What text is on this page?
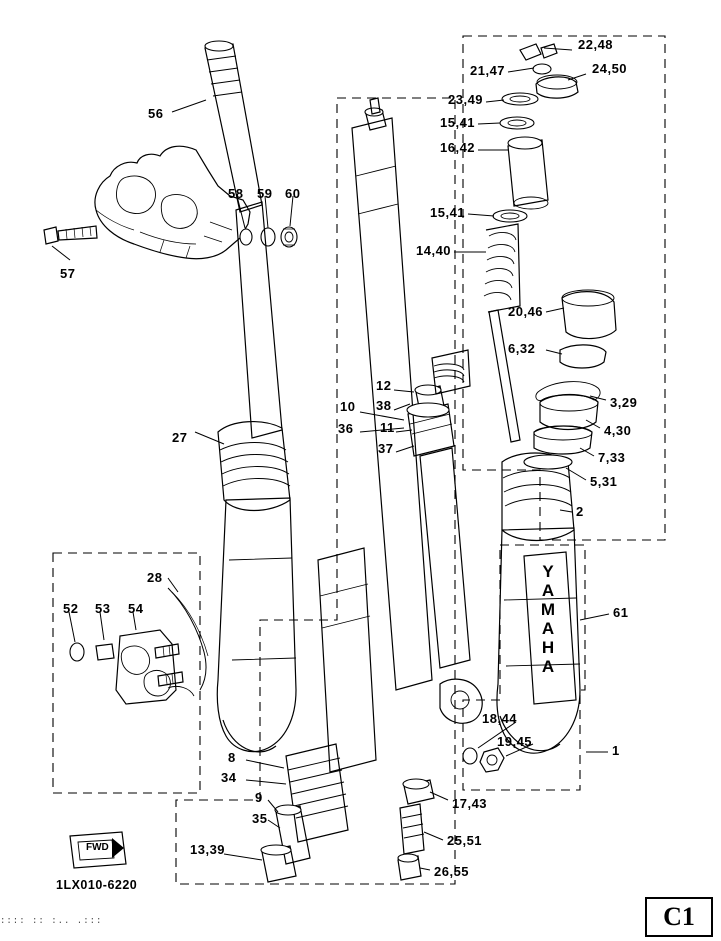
56
58 59 60
57
27
28
52 53 54
8
34
9
35
13,39
12
38
10
36 11
37
22,48
21,47	24,50
23,49
15,41
16,42
15,41
14,40
20,46
6,32
3,29
4,30
7,33
5,31
2
61
18,44
19,45
1
17,43
25,51
26,55
Y
A
M
A
H
A
FWD
1LX010-6220
:::: :: :.. .:::	C1
